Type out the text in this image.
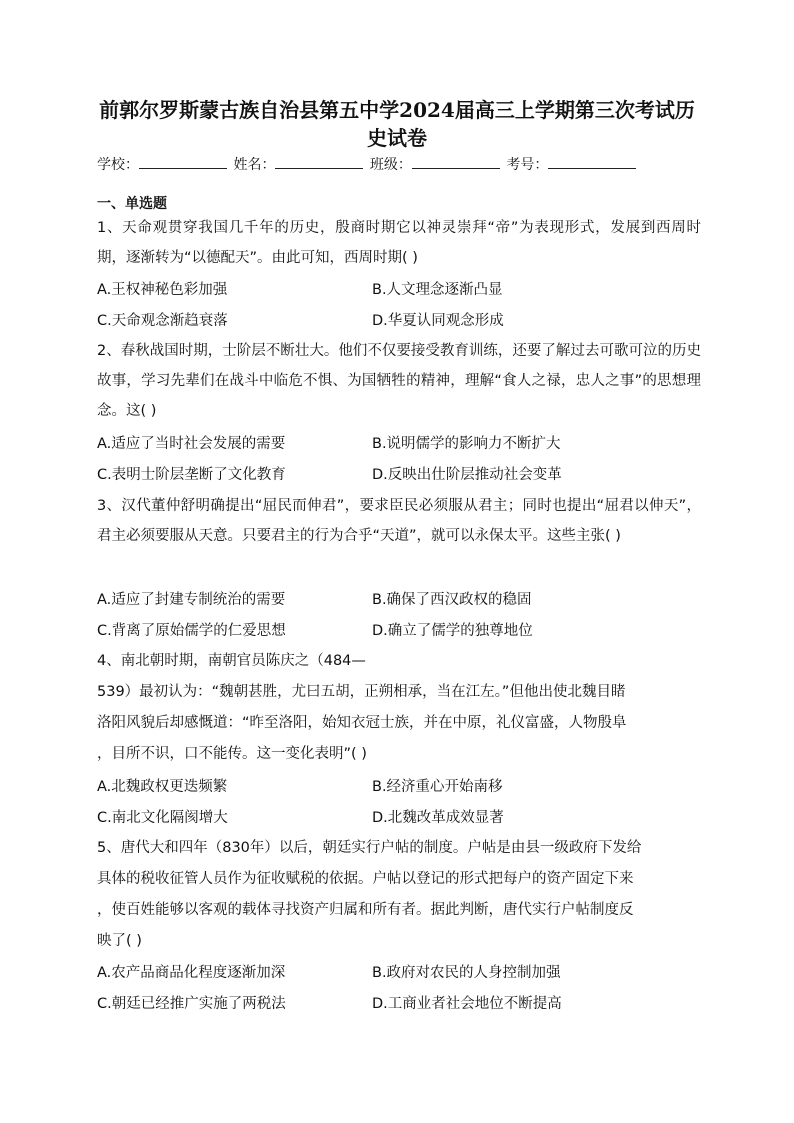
前郭尔罗斯蒙古族自治县第五中学2024届高三上学期第三次考试历
史试卷
学校：	姓名：	班级：	考号：
一、单选题
1、天命观贯穿我国几千年的历史，殷商时期它以神灵崇拜“帝”为表现形式，发展到西周时期，逐渐转为“以德配天”。由此可知，西周时期( )
A.王权神秘色彩加强	B.人文理念逐渐凸显
C.天命观念渐趋衰落	D.华夏认同观念形成
2、春秋战国时期，士阶层不断壮大。他们不仅要接受教育训练，还要了解过去可歌可泣的历史故事，学习先辈们在战斗中临危不惧、为国牺牲的精神，理解“食人之禄，忠人之事”的思想理念。这( )
A.适应了当时社会发展的需要	B.说明儒学的影响力不断扩大
C.表明士阶层垄断了文化教育	D.反映出仕阶层推动社会变革
3、汉代董仲舒明确提出“屈民而伸君”，要求臣民必须服从君主；同时也提出“屈君以伸天”，君主必须要服从天意。只要君主的行为合乎“天道”，就可以永保太平。这些主张( )
A.适应了封建专制统治的需要	B.确保了西汉政权的稳固
C.背离了原始儒学的仁爱思想	D.确立了儒学的独尊地位
4、南北朝时期，南朝官员陈庆之（484—
539）最初认为：“魏朝甚胜，尤曰五胡，正朔相承，当在江左。”但他出使北魏目睹
洛阳风貌后却感慨道：“昨至洛阳，始知衣冠士族，并在中原，礼仪富盛，人物殷阜
，目所不识，口不能传。这一变化表明”( )
A.北魏政权更迭频繁	B.经济重心开始南移
C.南北文化隔阂增大	D.北魏改革成效显著
5、唐代大和四年（830年）以后，朝廷实行户帖的制度。户帖是由县一级政府下发给
具体的税收征管人员作为征收赋税的依据。户帖以登记的形式把每户的资产固定下来
，使百姓能够以客观的载体寻找资产归属和所有者。据此判断，唐代实行户帖制度反
映了( )
A.农产品商品化程度逐渐加深	B.政府对农民的人身控制加强
C.朝廷已经推广实施了两税法	D.工商业者社会地位不断提高
